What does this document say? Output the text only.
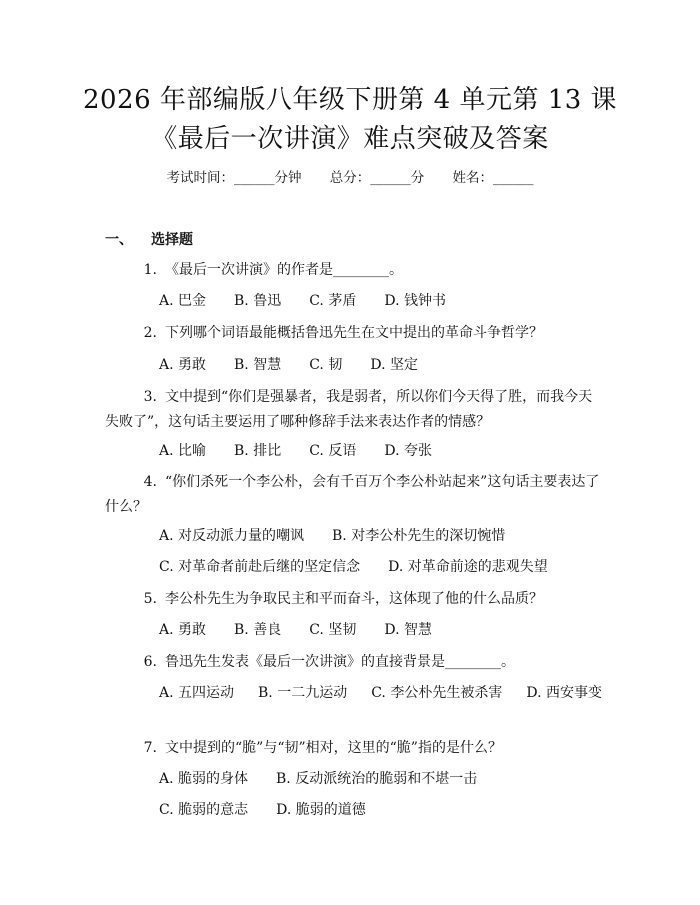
2026 年部编版八年级下册第 4 单元第 13 课
《最后一次讲演》难点突破及答案
考试时间：______分钟 总分：______分 姓名：______
一、 选择题
1. 《最后一次讲演》的作者是________。
A. 巴金 B. 鲁迅 C. 茅盾 D. 钱钟书
2. 下列哪个词语最能概括鲁迅先生在文中提出的革命斗争哲学？
A. 勇敢 B. 智慧 C. 韧 D. 坚定
3. 文中提到“你们是强暴者，我是弱者，所以你们今天得了胜，而我今天失败了”，这句话主要运用了哪种修辞手法来表达作者的情感？
A. 比喻 B. 排比 C. 反语 D. 夸张
4. “你们杀死一个李公朴，会有千百万个李公朴站起来”这句话主要表达了什么？
A. 对反动派力量的嘲讽 B. 对李公朴先生的深切惋惜
C. 对革命者前赴后继的坚定信念 D. 对革命前途的悲观失望
5. 李公朴先生为争取民主和平而奋斗，这体现了他的什么品质？
A. 勇敢 B. 善良 C. 坚韧 D. 智慧
6. 鲁迅先生发表《最后一次讲演》的直接背景是________。
A. 五四运动 B. 一二九运动 C. 李公朴先生被杀害 D. 西安事变
7. 文中提到的“脆”与“韧”相对，这里的“脆”指的是什么？
A. 脆弱的身体 B. 反动派统治的脆弱和不堪一击
C. 脆弱的意志 D. 脆弱的道德
